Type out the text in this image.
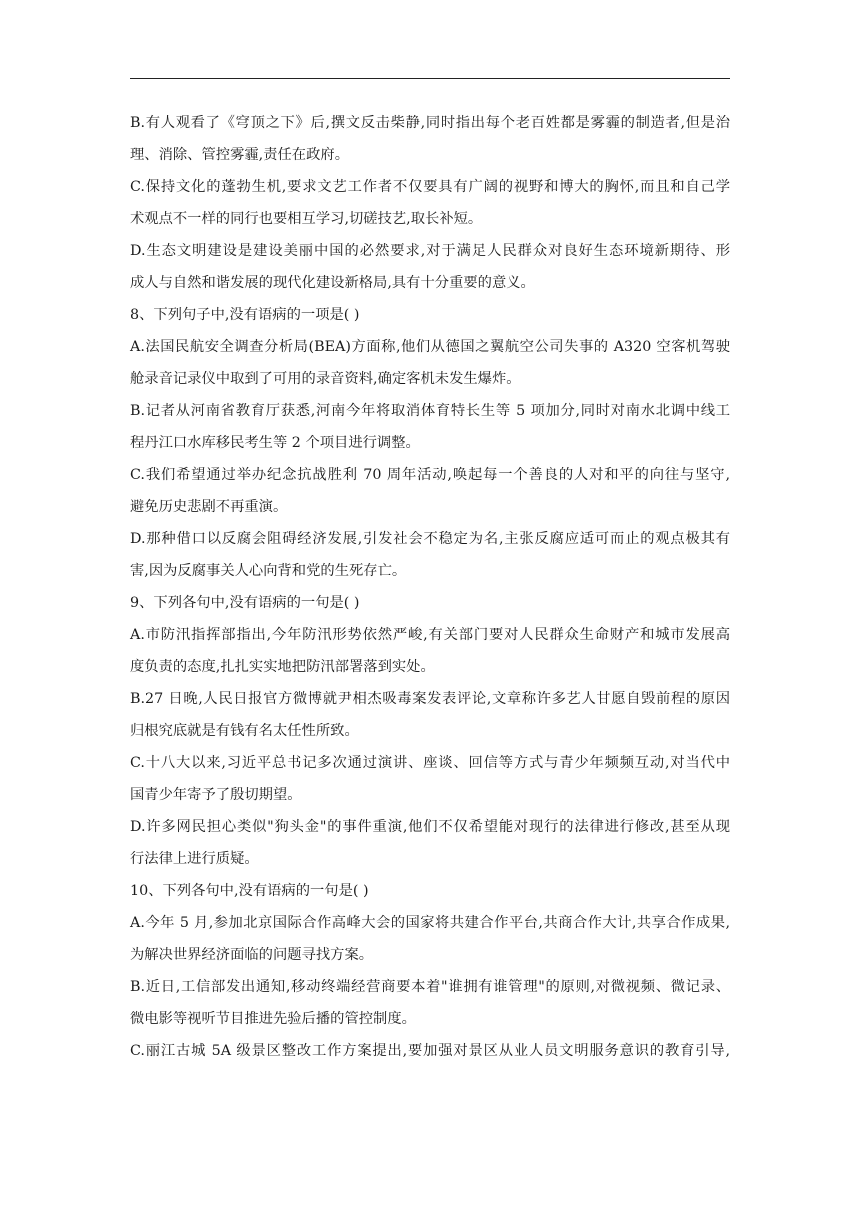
B.有人观看了《穹顶之下》后,撰文反击柴静,同时指出每个老百姓都是雾霾的制造者,但是治
理、消除、管控雾霾,责任在政府。
C.保持文化的蓬勃生机,要求文艺工作者不仅要具有广阔的视野和博大的胸怀,而且和自己学
术观点不一样的同行也要相互学习,切磋技艺,取长补短。
D.生态文明建设是建设美丽中国的必然要求,对于满足人民群众对良好生态环境新期待、形
成人与自然和谐发展的现代化建设新格局,具有十分重要的意义。
8、下列句子中,没有语病的一项是( )
A.法国民航安全调查分析局(BEA)方面称,他们从德国之翼航空公司失事的 A320 空客机驾驶
舱录音记录仪中取到了可用的录音资料,确定客机未发生爆炸。
B.记者从河南省教育厅获悉,河南今年将取消体育特长生等 5 项加分,同时对南水北调中线工
程丹江口水库移民考生等 2 个项目进行调整。
C.我们希望通过举办纪念抗战胜利 70 周年活动,唤起每一个善良的人对和平的向往与坚守,
避免历史悲剧不再重演。
D.那种借口以反腐会阻碍经济发展,引发社会不稳定为名,主张反腐应适可而止的观点极其有
害,因为反腐事关人心向背和党的生死存亡。
9、下列各句中,没有语病的一句是( )
A.市防汛指挥部指出,今年防汛形势依然严峻,有关部门要对人民群众生命财产和城市发展高
度负责的态度,扎扎实实地把防汛部署落到实处。
B.27 日晚,人民日报官方微博就尹相杰吸毒案发表评论,文章称许多艺人甘愿自毁前程的原因
归根究底就是有钱有名太任性所致。
C.十八大以来,习近平总书记多次通过演讲、座谈、回信等方式与青少年频频互动,对当代中
国青少年寄予了殷切期望。
D.许多网民担心类似"狗头金"的事件重演,他们不仅希望能对现行的法律进行修改,甚至从现
行法律上进行质疑。
10、下列各句中,没有语病的一句是( )
A.今年 5 月,参加北京国际合作高峰大会的国家将共建合作平台,共商合作大计,共享合作成果,
为解决世界经济面临的问题寻找方案。
B.近日,工信部发出通知,移动终端经营商要本着"谁拥有谁管理"的原则,对微视频、微记录、
微电影等视听节目推进先验后播的管控制度。
C.丽江古城 5A 级景区整改工作方案提出,要加强对景区从业人员文明服务意识的教育引导,
